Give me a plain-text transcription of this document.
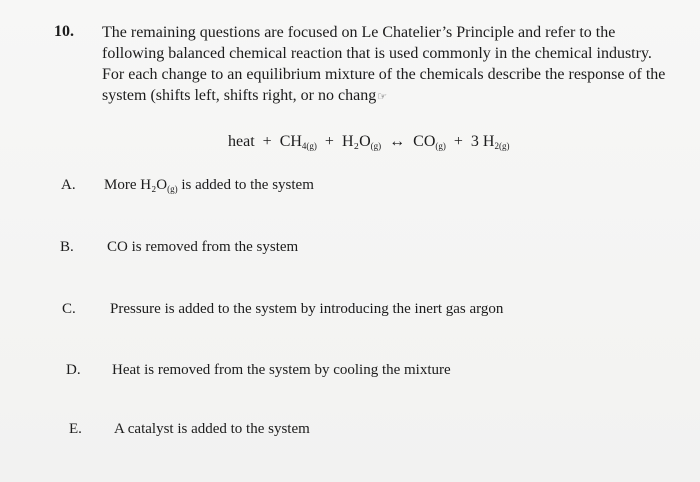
10. The remaining questions are focused on Le Chatelier’s Principle and refer to the
following balanced chemical reaction that is used commonly in the chemical industry.
For each change to an equilibrium mixture of the chemicals describe the response of the
system (shifts left, shifts right, or no chang☞
heat + $CH_{4(g)} + H_2O_{(g)}$ ↔ $CO_{(g)} + 3$ $H_{2(g)}$
A. More $H_2O_{(g)}$ is added to the system
B. CO is removed from the system
C. Pressure is added to the system by introducing the inert gas argon
D. Heat is removed from the system by cooling the mixture
E. A catalyst is added to the system
